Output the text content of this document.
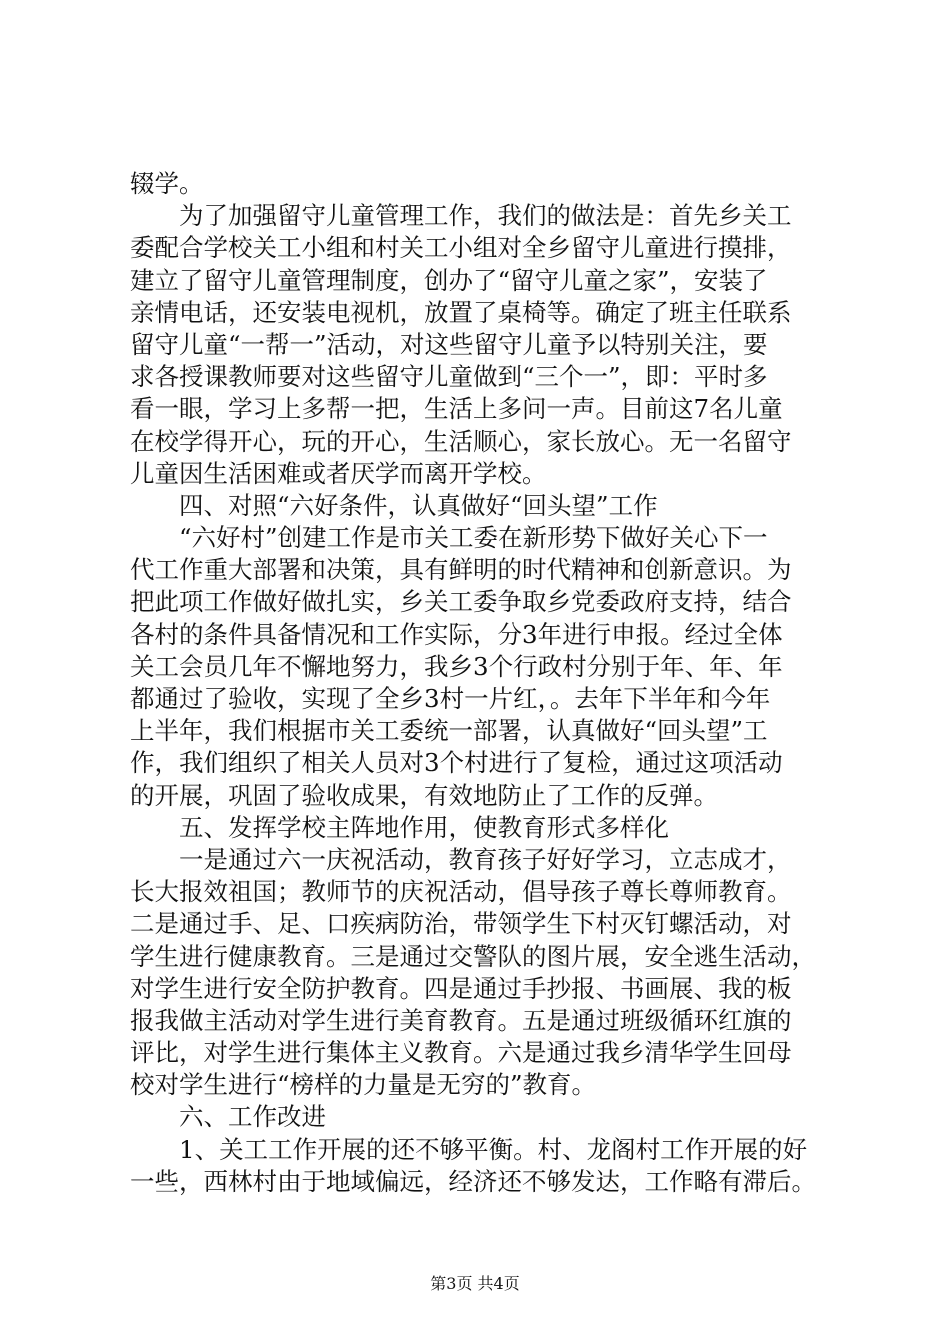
辍学。
为了加强留守儿童管理工作，我们的做法是：首先乡关工
委配合学校关工小组和村关工小组对全乡留守儿童进行摸排，
建立了留守儿童管理制度，创办了“留守儿童之家”，安装了
亲情电话，还安装电视机，放置了桌椅等。确定了班主任联系
留守儿童“一帮一”活动，对这些留守儿童予以特别关注，要
求各授课教师要对这些留守儿童做到“三个一”，即：平时多
看一眼，学习上多帮一把，生活上多问一声。目前这7名儿童
在校学得开心，玩的开心，生活顺心，家长放心。无一名留守
儿童因生活困难或者厌学而离开学校。
四、对照“六好条件，认真做好“回头望”工作
“六好村”创建工作是市关工委在新形势下做好关心下一
代工作重大部署和决策，具有鲜明的时代精神和创新意识。为
把此项工作做好做扎实，乡关工委争取乡党委政府支持，结合
各村的条件具备情况和工作实际，分3年进行申报。经过全体
关工会员几年不懈地努力，我乡3个行政村分别于年、年、年
都通过了验收，实现了全乡3村一片红，。去年下半年和今年
上半年，我们根据市关工委统一部署，认真做好“回头望”工
作，我们组织了相关人员对3个村进行了复检，通过这项活动
的开展，巩固了验收成果，有效地防止了工作的反弹。
五、发挥学校主阵地作用，使教育形式多样化
一是通过六一庆祝活动，教育孩子好好学习，立志成才，
长大报效祖国；教师节的庆祝活动，倡导孩子尊长尊师教育。
二是通过手、足、口疾病防治，带领学生下村灭钉螺活动，对
学生进行健康教育。三是通过交警队的图片展，安全逃生活动，
对学生进行安全防护教育。四是通过手抄报、书画展、我的板
报我做主活动对学生进行美育教育。五是通过班级循环红旗的
评比，对学生进行集体主义教育。六是通过我乡清华学生回母
校对学生进行“榜样的力量是无穷的”教育。
六、工作改进
1、关工工作开展的还不够平衡。村、龙阁村工作开展的好
一些，西林村由于地域偏远，经济还不够发达，工作略有滞后。
第3页 共4页
